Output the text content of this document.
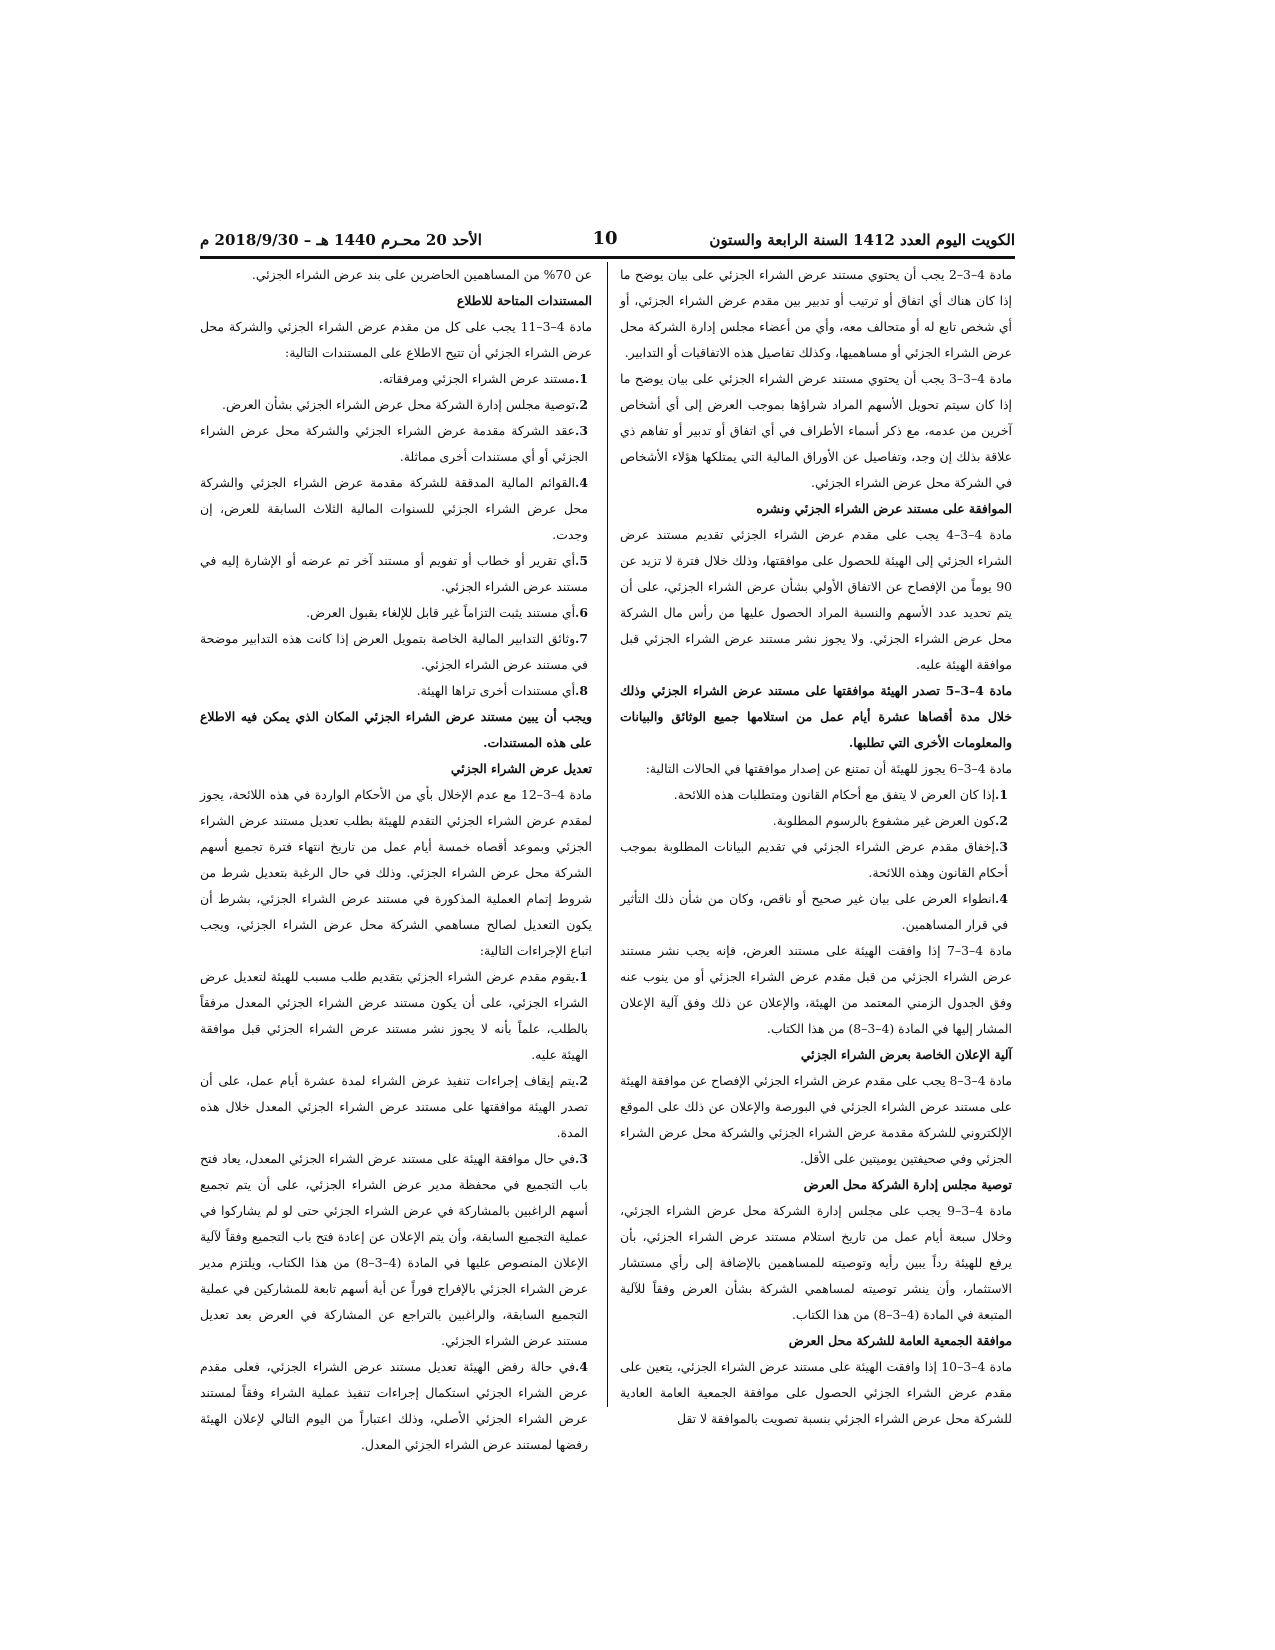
الكويت اليوم العدد 1412 السنة الرابعة والستون
10
الأحد 20 محـرم 1440 هـ – 2018/9/30 م

مادة 4–3–2 يجب أن يحتوي مستند عرض الشراء الجزئي على بيان يوضح ما إذا كان هناك أي اتفاق أو ترتيب أو تدبير بين مقدم عرض الشراء الجزئي، أو أي شخص تابع له أو متحالف معه، وأي من أعضاء مجلس إدارة الشركة محل عرض الشراء الجزئي أو مساهميها، وكذلك تفاصيل هذه الاتفاقيات أو التدابير.

مادة 4–3–3 يجب أن يحتوي مستند عرض الشراء الجزئي على بيان يوضح ما إذا كان سيتم تحويل الأسهم المراد شراؤها بموجب العرض إلى أي أشخاص آخرين من عدمه، مع ذكر أسماء الأطراف في أي اتفاق أو تدبير أو تفاهم ذي علاقة بذلك إن وجد، وتفاصيل عن الأوراق المالية التي يمتلكها هؤلاء الأشخاص في الشركة محل عرض الشراء الجزئي.

الموافقة على مستند عرض الشراء الجزئي ونشره

مادة 4–3–4 يجب على مقدم عرض الشراء الجزئي تقديم مستند عرض الشراء الجزئي إلى الهيئة للحصول على موافقتها، وذلك خلال فترة لا تزيد عن 90 يوماً من الإفصاح عن الاتفاق الأولي بشأن عرض الشراء الجزئي، على أن يتم تحديد عدد الأسهم والنسبة المراد الحصول عليها من رأس مال الشركة محل عرض الشراء الجزئي. ولا يجوز نشر مستند عرض الشراء الجزئي قبل موافقة الهيئة عليه.

مادة 4–3–5 تصدر الهيئة موافقتها على مستند عرض الشراء الجزئي وذلك خلال مدة أقصاها عشرة أيام عمل من استلامها جميع الوثائق والبيانات والمعلومات الأخرى التي تطلبها.

مادة 4–3–6 يجوز للهيئة أن تمتنع عن إصدار موافقتها في الحالات التالية:

1.إذا كان العرض لا يتفق مع أحكام القانون ومتطلبات هذه اللائحة.

2.كون العرض غير مشفوع بالرسوم المطلوبة.

3.إخفاق مقدم عرض الشراء الجزئي في تقديم البيانات المطلوبة بموجب أحكام القانون وهذه اللائحة.

4.انطواء العرض على بيان غير صحيح أو ناقص، وكان من شأن ذلك التأثير في قرار المساهمين.

مادة 4–3–7 إذا وافقت الهيئة على مستند العرض، فإنه يجب نشر مستند عرض الشراء الجزئي من قبل مقدم عرض الشراء الجزئي أو من ينوب عنه وفق الجدول الزمني المعتمد من الهيئة، والإعلان عن ذلك وفق آلية الإعلان المشار إليها في المادة (4–3–8) من هذا الكتاب.

آلية الإعلان الخاصة بعرض الشراء الجزئي

مادة 4–3–8 يجب على مقدم عرض الشراء الجزئي الإفصاح عن موافقة الهيئة على مستند عرض الشراء الجزئي في البورصة والإعلان عن ذلك على الموقع الإلكتروني للشركة مقدمة عرض الشراء الجزئي والشركة محل عرض الشراء الجزئي وفي صحيفتين يوميتين على الأقل.

توصية مجلس إدارة الشركة محل العرض

مادة 4–3–9 يجب على مجلس إدارة الشركة محل عرض الشراء الجزئي، وخلال سبعة أيام عمل من تاريخ استلام مستند عرض الشراء الجزئي، بأن يرفع للهيئة رداً يبين رأيه وتوصيته للمساهمين بالإضافة إلى رأي مستشار الاستثمار، وأن ينشر توصيته لمساهمي الشركة بشأن العرض وفقاً للآلية المتبعة في المادة (4–3–8) من هذا الكتاب.

موافقة الجمعية العامة للشركة محل العرض

مادة 4–3–10 إذا وافقت الهيئة على مستند عرض الشراء الجزئي، يتعين على مقدم عرض الشراء الجزئي الحصول على موافقة الجمعية العامة العادية للشركة محل عرض الشراء الجزئي بنسبة تصويت بالموافقة لا تقل

عن 70% من المساهمين الحاضرين على بند عرض الشراء الجزئي.

المستندات المتاحة للاطلاع

مادة 4–3–11 يجب على كل من مقدم عرض الشراء الجزئي والشركة محل عرض الشراء الجزئي أن تتيح الاطلاع على المستندات التالية:

1.مستند عرض الشراء الجزئي ومرفقاته.

2.توصية مجلس إدارة الشركة محل عرض الشراء الجزئي بشأن العرض.

3.عقد الشركة مقدمة عرض الشراء الجزئي والشركة محل عرض الشراء الجزئي أو أي مستندات أخرى مماثلة.

4.القوائم المالية المدققة للشركة مقدمة عرض الشراء الجزئي والشركة محل عرض الشراء الجزئي للسنوات المالية الثلاث السابقة للعرض، إن وجدت.

5.أي تقرير أو خطاب أو تفويم أو مستند آخر تم عرضه أو الإشارة إليه في مستند عرض الشراء الجزئي.

6.أي مستند يثبت التزاماً غير قابل للإلغاء بقبول العرض.

7.وثائق التدابير المالية الخاصة بتمويل العرض إذا كانت هذه التدابير موضحة في مستند عرض الشراء الجزئي.

8.أي مستندات أخرى تراها الهيئة.

ويجب أن يبين مستند عرض الشراء الجزئي المكان الذي يمكن فيه الاطلاع على هذه المستندات.

تعديل عرض الشراء الجزئي

مادة 4–3–12 مع عدم الإخلال بأي من الأحكام الواردة في هذه اللائحة، يجوز لمقدم عرض الشراء الجزئي التقدم للهيئة بطلب تعديل مستند عرض الشراء الجزئي وبموعد أقصاه خمسة أيام عمل من تاريخ انتهاء فترة تجميع أسهم الشركة محل عرض الشراء الجزئي. وذلك في حال الرغبة بتعديل شرط من شروط إتمام العملية المذكورة في مستند عرض الشراء الجزئي، بشرط أن يكون التعديل لصالح مساهمي الشركة محل عرض الشراء الجزئي، ويجب اتباع الإجراءات التالية:

1.يقوم مقدم عرض الشراء الجزئي بتقديم طلب مسبب للهيئة لتعديل عرض الشراء الجزئي، على أن يكون مستند عرض الشراء الجزئي المعدل مرفقاً بالطلب، علماً بأنه لا يجوز نشر مستند عرض الشراء الجزئي قبل موافقة الهيئة عليه.

2.يتم إيقاف إجراءات تنفيذ عرض الشراء لمدة عشرة أيام عمل، على أن تصدر الهيئة موافقتها على مستند عرض الشراء الجزئي المعدل خلال هذه المدة.

3.في حال موافقة الهيئة على مستند عرض الشراء الجزئي المعدل، يعاد فتح باب التجميع في محفظة مدير عرض الشراء الجزئي، على أن يتم تجميع أسهم الراغبين بالمشاركة في عرض الشراء الجزئي حتى لو لم يشاركوا في عملية التجميع السابقة، وأن يتم الإعلان عن إعادة فتح باب التجميع وفقاً لآلية الإعلان المنصوص عليها في المادة (4–3–8) من هذا الكتاب، ويلتزم مدير عرض الشراء الجزئي بالإفراج فوراً عن أية أسهم تابعة للمشاركين في عملية التجميع السابقة، والراغبين بالتراجع عن المشاركة في العرض بعد تعديل مستند عرض الشراء الجزئي.

4.في حالة رفض الهيئة تعديل مستند عرض الشراء الجزئي، فعلى مقدم عرض الشراء الجزئي استكمال إجراءات تنفيذ عملية الشراء وفقاً لمستند عرض الشراء الجزئي الأصلي، وذلك اعتباراً من اليوم التالي لإعلان الهيئة رفضها لمستند عرض الشراء الجزئي المعدل.
